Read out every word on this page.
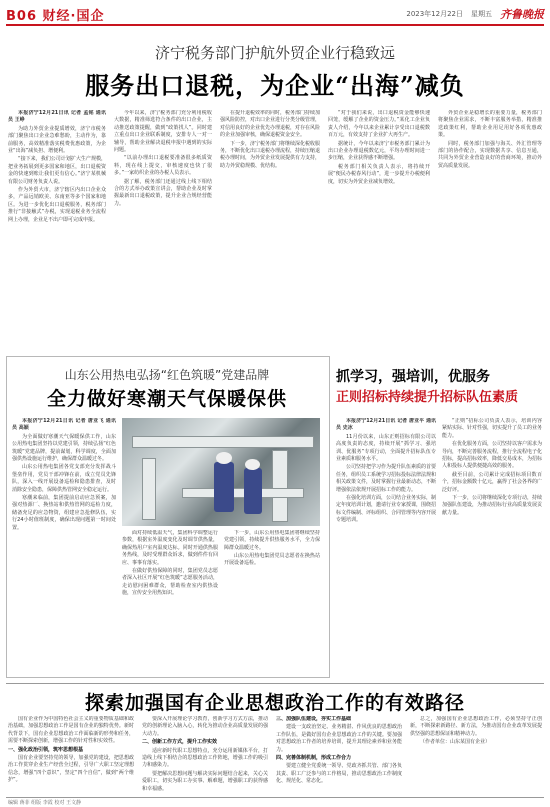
B06 财经·国企	2023年12月22日 星期五 齐鲁晚报
济宁税务部门护航外贸企业行稳致远
服务出口退税，为企业“出海”减负

本报济宁12月21日讯 记者 孟铭 通讯员 王峥

为助力外贸企业提质增效，济宁市税务部门聚焦出口企业急难愁盼，主动作为，靠前服务，高效精准落实税费优惠政策，为企业“出海”减负担、增便利。

“接下来，我们公司计划扩大生产规模，把业务拓展到更多国家和地区，出口退税资金的快速到账让我们更有信心。”济宁某机械有限公司财务负责人说。

作为外贸大市，济宁辖区内出口企业众多，产品远销欧美、东南亚等多个国家和地区。为进一步优化出口退税服务，税务部门推行“非接触式”办税，实现退税业务全流程网上办理，企业足不出户即可完成申报。

今年以来，济宁税务部门充分利用税收大数据，精准筛选符合条件的出口企业，主动推送政策提醒，做到“政策找人”。同时建立重点出口企业联系制度，安排专人一对一辅导，帮助企业解决退税申报中遇到的实际问题。

“以前办理出口退税要准备很多纸质资料，现在线上提交，审核速度也快了很多。”一家纺织企业的办税人员表示。

据了解，税务部门还通过线上线下相结合的方式举办政策宣讲会，帮助企业及时掌握最新出口退税政策，提升企业合规经营能力。

在提升退税效率的同时，税务部门持续加强风险防控，对出口企业进行分类分级管理，对信用良好的企业优先办理退税，对存在风险的企业加强审核，确保退税资金安全。

下一步，济宁税务部门将继续深化税收服务，不断优化出口退税办理流程，持续压缩退税办理时间，为外贸企业发展提供有力支持，助力外贸稳规模、优结构。

“对于我们来说，出口退税资金能够快速回笼，缓解了企业的资金压力。”某化工企业负责人介绍，今年以来企业累计享受出口退税数百万元，有效支持了企业扩大再生产。

据统计，今年以来济宁市税务部门累计为出口企业办理退税数亿元，平均办理时间进一步压缩，企业获得感不断增强。

税务部门相关负责人表示，将持续开展“便民办税春风行动”，进一步提升办税便利度，切实为外贸企业减负增效。

外贸企业是稳增长的重要力量，税务部门将聚焦企业需求，不断丰富服务举措，精准推送政策红利，帮助企业用足用好各项优惠政策。

同时，税务部门加强与海关、外汇管理等部门的协作配合，实现数据共享、信息互通，共同为外贸企业营造良好的营商环境，推动外贸高质量发展。

山东公用热电弘扬“红色筑暖”党建品牌
全力做好寒潮天气保暖保供

本报济宁12月21日讯 记者 唐亚飞 通讯员 高颖

为全面做好寒潮天气保暖保供工作，山东公用热电集团坚持以党建引领，持续弘扬“红色筑暖”党建品牌，提前谋划，科学调度，全面加强供热设施运行维护，确保群众温暖过冬。

山东公用热电集团各党支部充分发挥战斗堡垒作用，党员干部冲锋在前，成立党员先锋队，深入一线开展设备巡检和隐患排查，及时消除安全隐患，保障供热管网安全稳定运行。

寒潮来临前，集团提前启动应急预案，加强对热源厂、换热站和供热管网的巡检力度，储备充足的应急物资，组建应急抢修队伍，实行24小时值班制度，确保出现问题第一时间处置。

面对持续低温天气，集团科学调整运行参数，根据室外温度变化及时调节供热量，确保热用户室内温度达标。同时开通供热服务热线，及时受理群众诉求，做到件件有回应、事事有落实。

在做好供热保障的同时，集团党员志愿者深入社区开展“红色筑暖”志愿服务活动，走访慰问困难群众，帮助检查室内供热设施，宣传安全用热知识。

下一步，山东公用热电集团将继续坚持党建引领，持续提升供热服务水平，全力保障群众温暖过冬。

山东公用热电集团党员志愿者在换热站开展设备巡检。

抓学习，强培训，优服务
正则招标持续提升招标队伍素质

本报济宁12月21日讯 记者 唐亚平 通讯员 史冰

11月份以来，山东正则招标有限公司以高度负责的态度，持续开展“抓学习、强培训、优服务”专项行动，全面提升招标队伍专业素质和服务水平。

公司坚持把学习作为提升队伍素质的首要任务，组织员工系统学习招标投标法律法规和相关政策文件，及时掌握行业最新动态，不断增强依法依规开展招标工作的能力。

在强化培训方面，公司结合业务实际，制定年度培训计划，邀请行业专家授课，围绕招标文件编制、评标组织、合同管理等内容开展专题培训。

“正则”招标公司负责人表示，培训内容紧贴实际、针对性强，切实提升了员工的业务能力。

在优化服务方面，公司坚持以客户需求为导向，不断完善服务流程，推行全流程电子化招标，提高招标效率，降低交易成本，为招标人和投标人提供便捷高效的服务。

截至目前，公司累计完成招标项目数百个，招标金额数十亿元，赢得了社会各界的广泛好评。

下一步，公司将继续深化专项行动，持续加强队伍建设，为推动招标行业高质量发展贡献力量。

探索加强国有企业思想政治工作的有效路径

国有企业作为中国特色社会主义的重要物质基础和政治基础，加强思想政治工作是国有企业的独特优势。新时代背景下，国有企业思想政治工作面临新的形势和任务，需要不断探索创新，增强工作的针对性和实效性。

一、强化政治引领，筑牢思想根基

国有企业要坚持党的领导，加强党的建设，把思想政治工作贯穿企业生产经营全过程，引导广大职工坚定理想信念，增强“四个意识”，坚定“四个自信”，做到“两个维护”。

要深入开展理论学习教育，创新学习方式方法，推动党的创新理论入脑入心，转化为推动企业高质量发展的强大动力。

二、创新工作方式，提升工作实效

适应新时代职工思想特点，充分运用新媒体平台，打造线上线下相结合的思想政治工作阵地，增强工作的吸引力和感染力。

要把解决思想问题与解决实际问题结合起来，关心关爱职工，切实为职工办实事、解难题，增强职工的获得感和幸福感。

三、加强队伍建设，夯实工作基础

建设一支政治坚定、业务精湛、作风优良的思想政治工作队伍，是做好国有企业思想政治工作的关键。要加强对思想政治工作者的培养培训，提升其理论素养和业务能力。

四、完善体制机制，形成工作合力

要建立健全党委统一领导、党政齐抓共管、部门各负其责、职工广泛参与的工作格局，推动思想政治工作制度化、规范化、常态化。

总之，加强国有企业思想政治工作，必须坚持守正创新，不断探索新路径、新方法，为推动国有企业改革发展提供坚强的思想保证和精神动力。

（作者单位：山东某国有企业）

编辑 蒋菲 组版 李霞 校对 王文静
